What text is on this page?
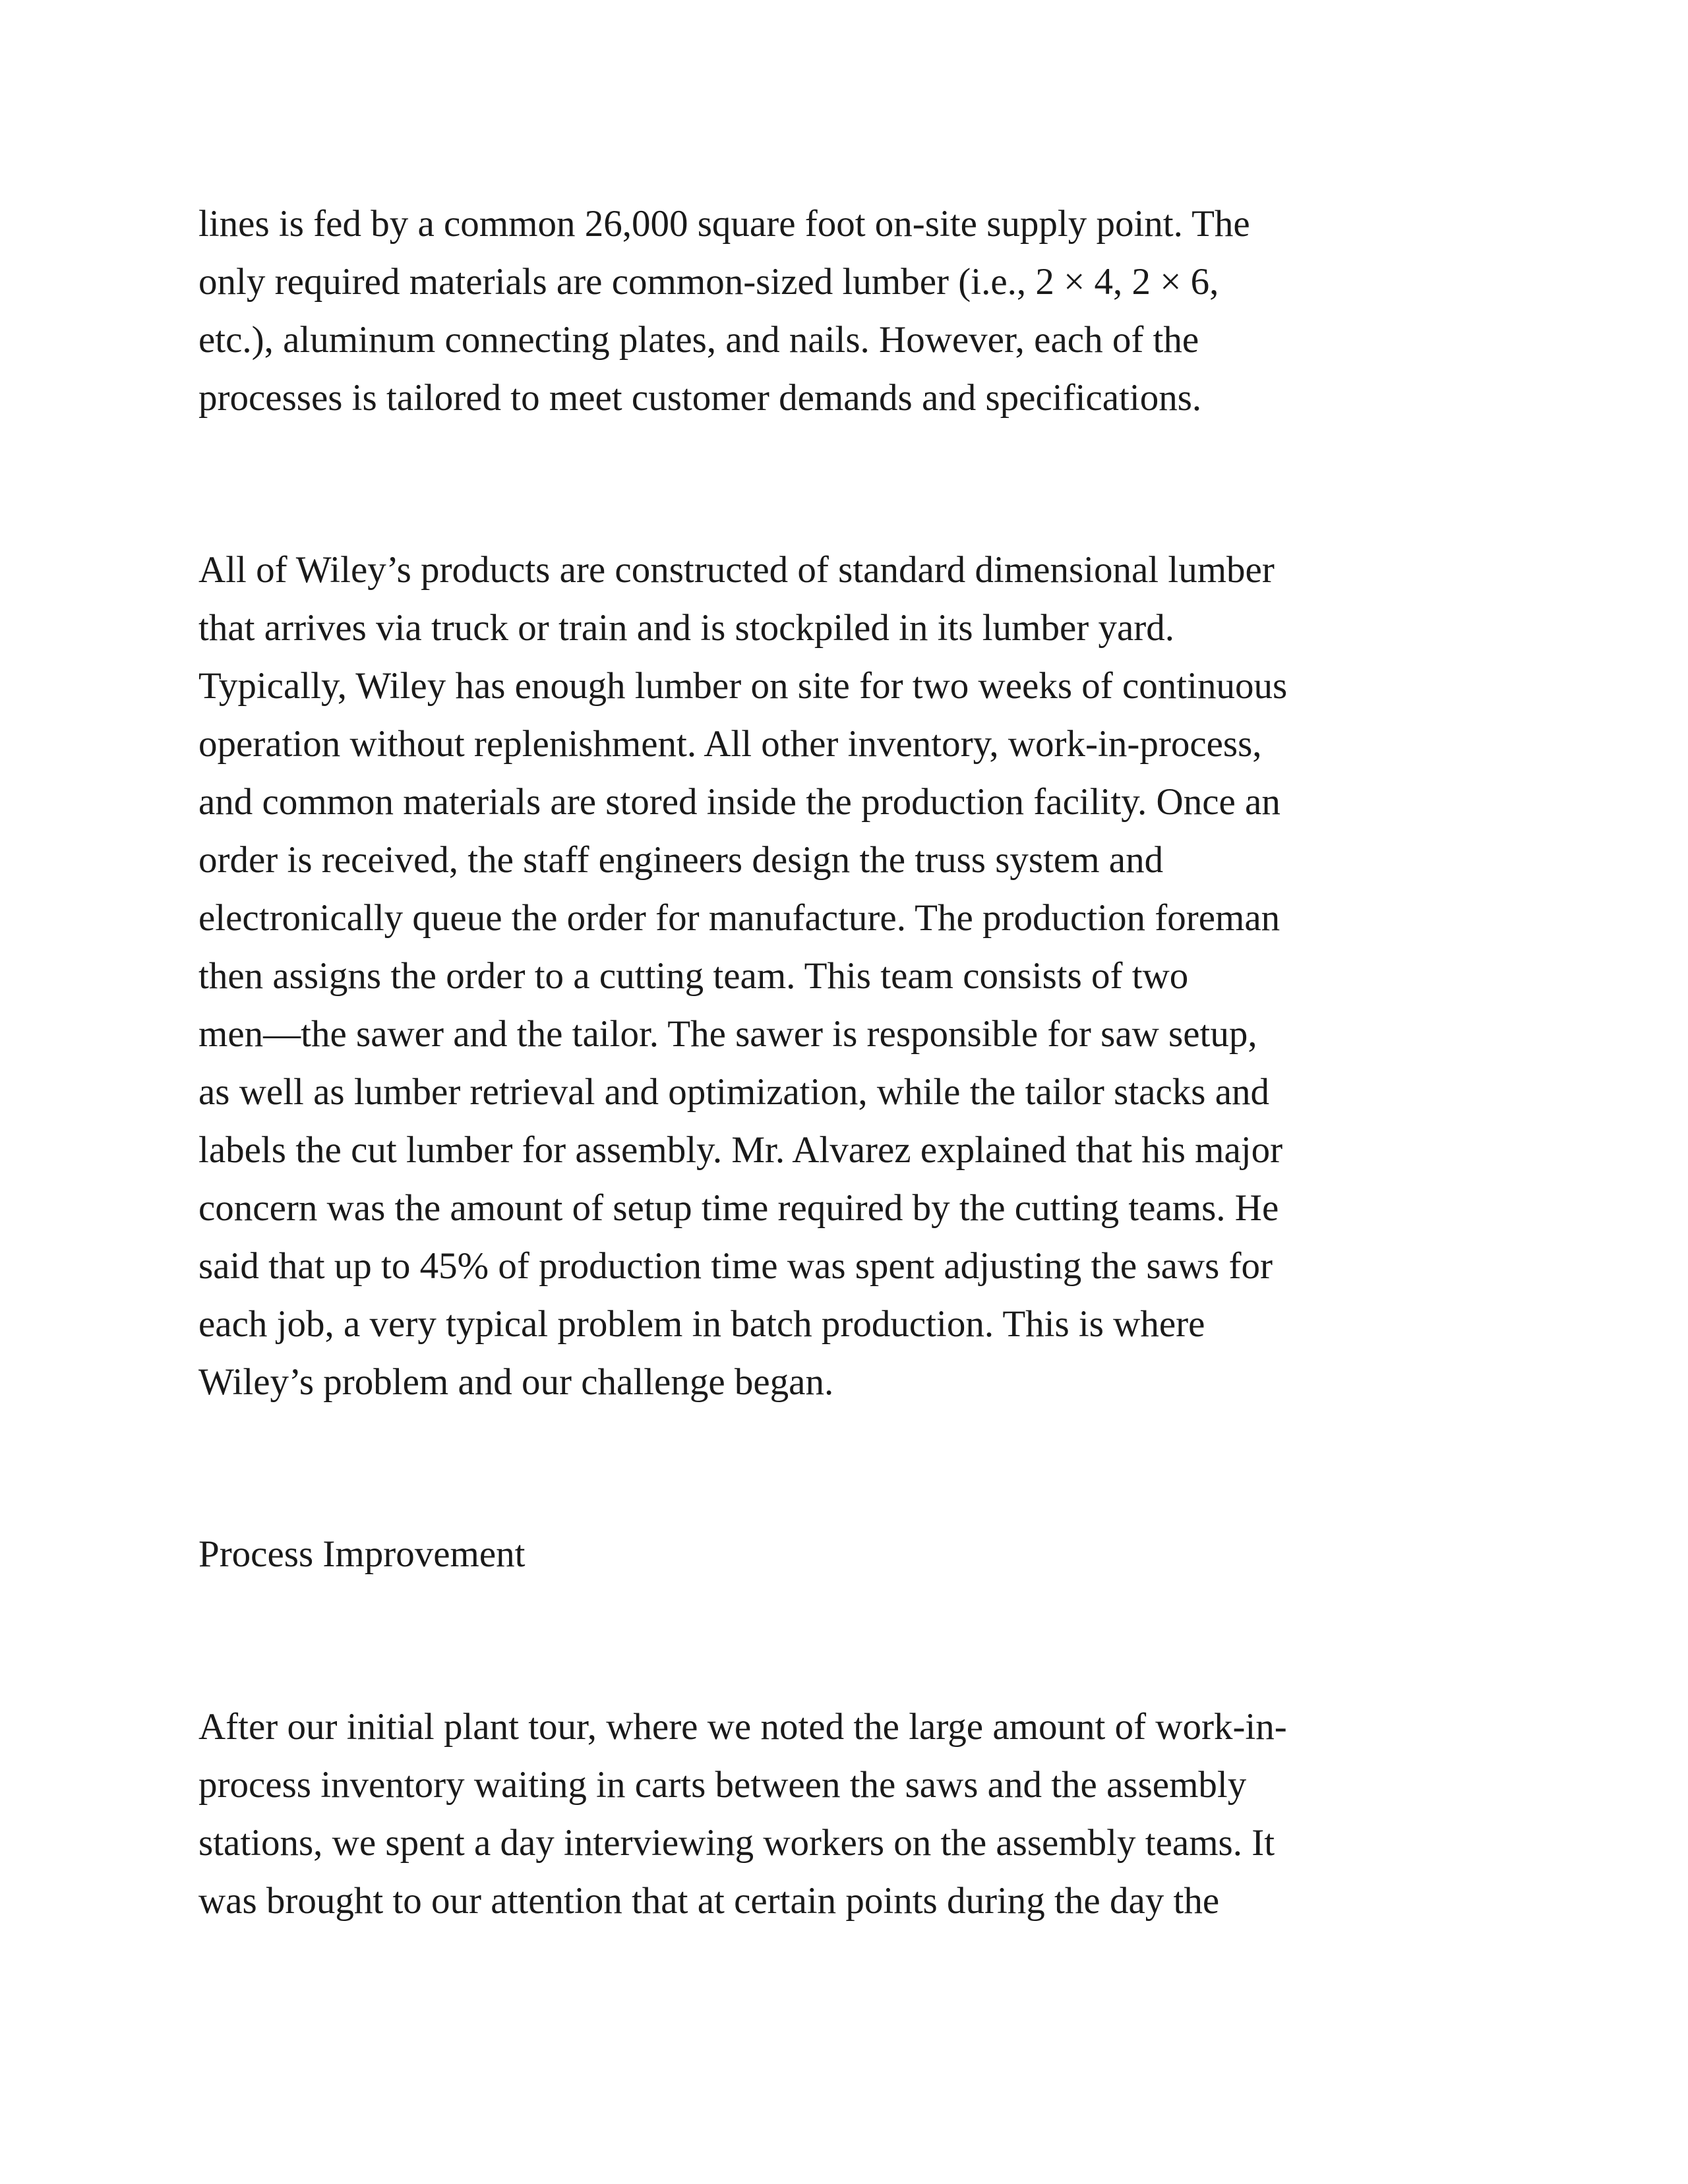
lines is fed by a common 26,000 square foot on-site supply point. The
only required materials are common-sized lumber (i.e., 2 × 4, 2 × 6,
etc.), aluminum connecting plates, and nails. However, each of the
processes is tailored to meet customer demands and specifications.

All of Wiley’s products are constructed of standard dimensional lumber
that arrives via truck or train and is stockpiled in its lumber yard.
Typically, Wiley has enough lumber on site for two weeks of continuous
operation without replenishment. All other inventory, work-in-process,
and common materials are stored inside the production facility. Once an
order is received, the staff engineers design the truss system and
electronically queue the order for manufacture. The production foreman
then assigns the order to a cutting team. This team consists of two
men—the sawer and the tailor. The sawer is responsible for saw setup,
as well as lumber retrieval and optimization, while the tailor stacks and
labels the cut lumber for assembly. Mr. Alvarez explained that his major
concern was the amount of setup time required by the cutting teams. He
said that up to 45% of production time was spent adjusting the saws for
each job, a very typical problem in batch production. This is where
Wiley’s problem and our challenge began.

Process Improvement

After our initial plant tour, where we noted the large amount of work-in-
process inventory waiting in carts between the saws and the assembly
stations, we spent a day interviewing workers on the assembly teams. It
was brought to our attention that at certain points during the day the
